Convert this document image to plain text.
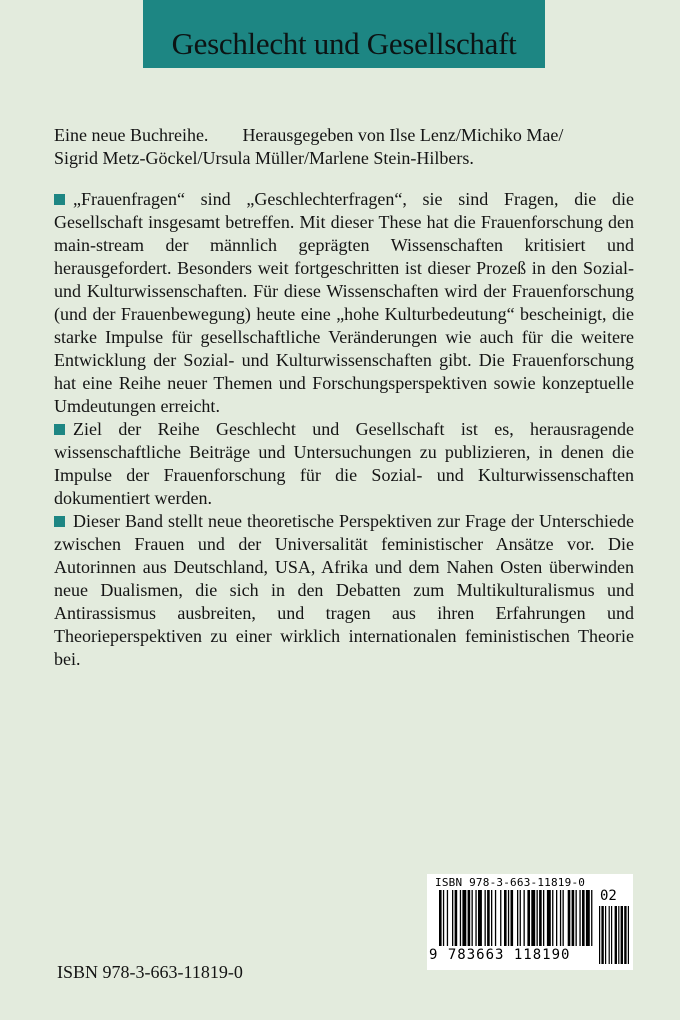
Geschlecht und Gesellschaft
Eine neue Buchreihe. Herausgegeben von Ilse Lenz/Michiko Mae/
Sigrid Metz-Göckel/Ursula Müller/Marlene Stein-Hilbers.

„Frauenfragen“ sind „Geschlechterfragen“, sie sind Fragen, die die Gesellschaft insgesamt betreffen. Mit dieser These hat die Frauenforschung den main-stream der männlich geprägten Wissenschaften kritisiert und herausgefordert. Besonders weit fortgeschritten ist dieser Prozeß in den Sozial- und Kulturwissenschaften. Für diese Wissenschaften wird der Frauenforschung (und der Frauenbewegung) heute eine „hohe Kulturbedeutung“ bescheinigt, die starke Impulse für gesellschaftliche Veränderungen wie auch für die weitere Entwicklung der Sozial- und Kulturwissenschaften gibt. Die Frauenforschung hat eine Reihe neuer Themen und Forschungsperspektiven sowie konzeptuelle Umdeutungen erreicht.

Ziel der Reihe Geschlecht und Gesellschaft ist es, herausragende wissenschaftliche Beiträge und Untersuchungen zu publizieren, in denen die Impulse der Frauenforschung für die Sozial- und Kulturwissenschaften dokumentiert werden.

Dieser Band stellt neue theoretische Perspektiven zur Frage der Unterschiede zwischen Frauen und der Universalität feministischer Ansätze vor. Die Autorinnen aus Deutschland, USA, Afrika und dem Nahen Osten überwinden neue Dualismen, die sich in den Debatten zum Multikulturalismus und Antirassismus ausbreiten, und tragen aus ihren Erfahrungen und Theorieperspektiven zu einer wirklich internationalen feministischen Theorie bei.

ISBN 978-3-663-11819-0
9 783663 118190
02
ISBN 978-3-663-11819-0
